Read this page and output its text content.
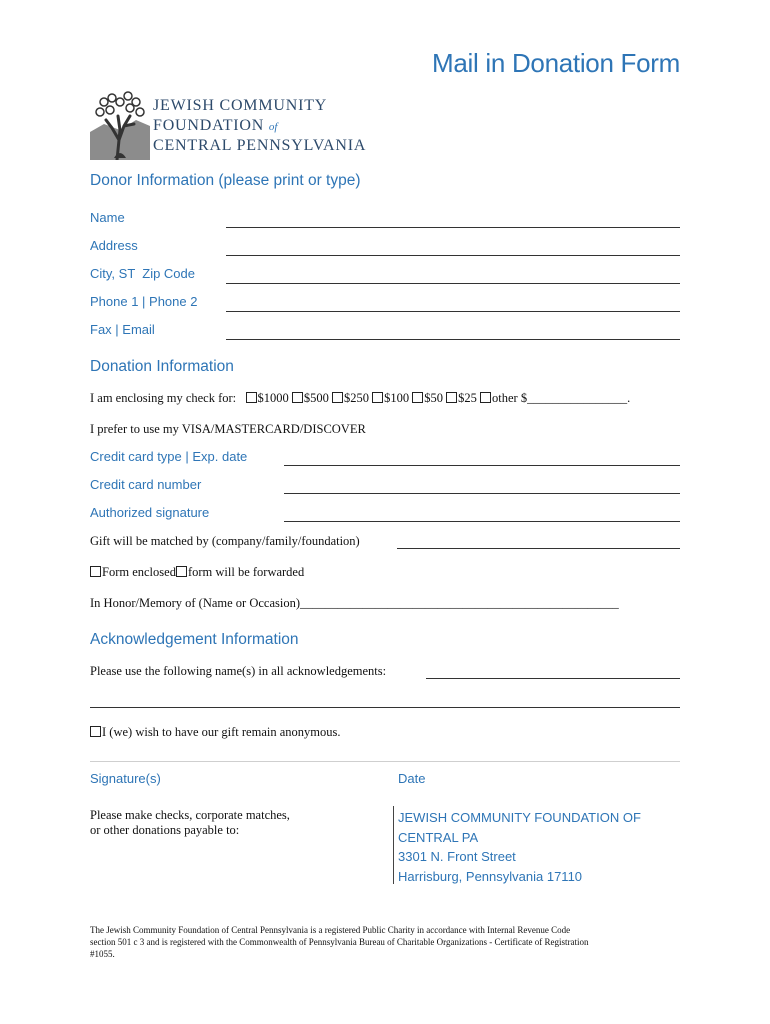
Mail in Donation Form
JEWISH COMMUNITY
FOUNDATION of
CENTRAL PENNSYLVANIA
Donor Information (please print or type)
Name
Address
City, ST  Zip Code
Phone 1 | Phone 2
Fax | Email
Donation Information
I am enclosing my check for: $1000 $500 $250 $100 $50 $25 other $________________.
I prefer to use my VISA/MASTERCARD/DISCOVER
Credit card type | Exp. date
Credit card number
Authorized signature
Gift will be matched by (company/family/foundation)
Form enclosed form will be forwarded
In Honor/Memory of (Name or Occasion)___________________________________________________
Acknowledgement Information
Please use the following name(s) in all acknowledgements:
I (we) wish to have our gift remain anonymous.
Signature(s)	Date
Please make checks, corporate matches,
or other donations payable to:
JEWISH COMMUNITY FOUNDATION OF
CENTRAL PA
3301 N. Front Street
Harrisburg, Pennsylvania 17110
The Jewish Community Foundation of Central Pennsylvania is a registered Public Charity in accordance with Internal Revenue Code
section 501 c 3 and is registered with the Commonwealth of Pennsylvania Bureau of Charitable Organizations - Certificate of Registration
#1055.
